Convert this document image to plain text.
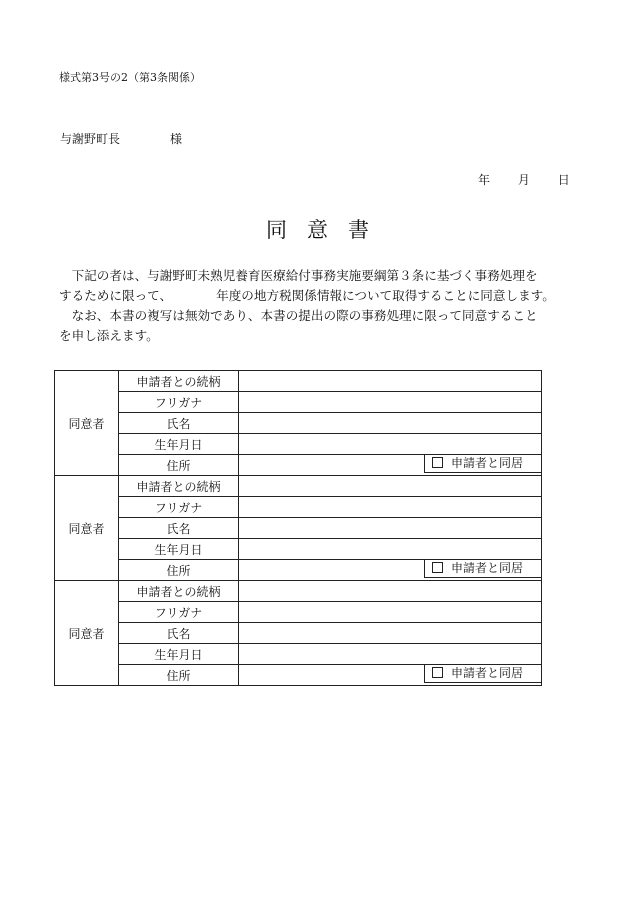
様式第3号の2（第3条関係）
与謝野町長	様
年 月 日
同意書

　下記の者は、与謝野町未熟児養育医療給付事務実施要綱第３条に基づく事務処理を

するために限って、	年度の地方税関係情報について取得することに同意します。

　なお、本書の複写は無効であり、本書の提出の際の事務処理に限って同意すること

を申し添えます。

同意者	申請者との続柄	
	フリガナ	
	氏名	
	生年月日	
	住所	申請者と同居

同意者	申請者との続柄	
	フリガナ	
	氏名	
	生年月日	
	住所	申請者と同居

同意者	申請者との続柄	
	フリガナ	
	氏名	
	生年月日	
	住所	申請者と同居
